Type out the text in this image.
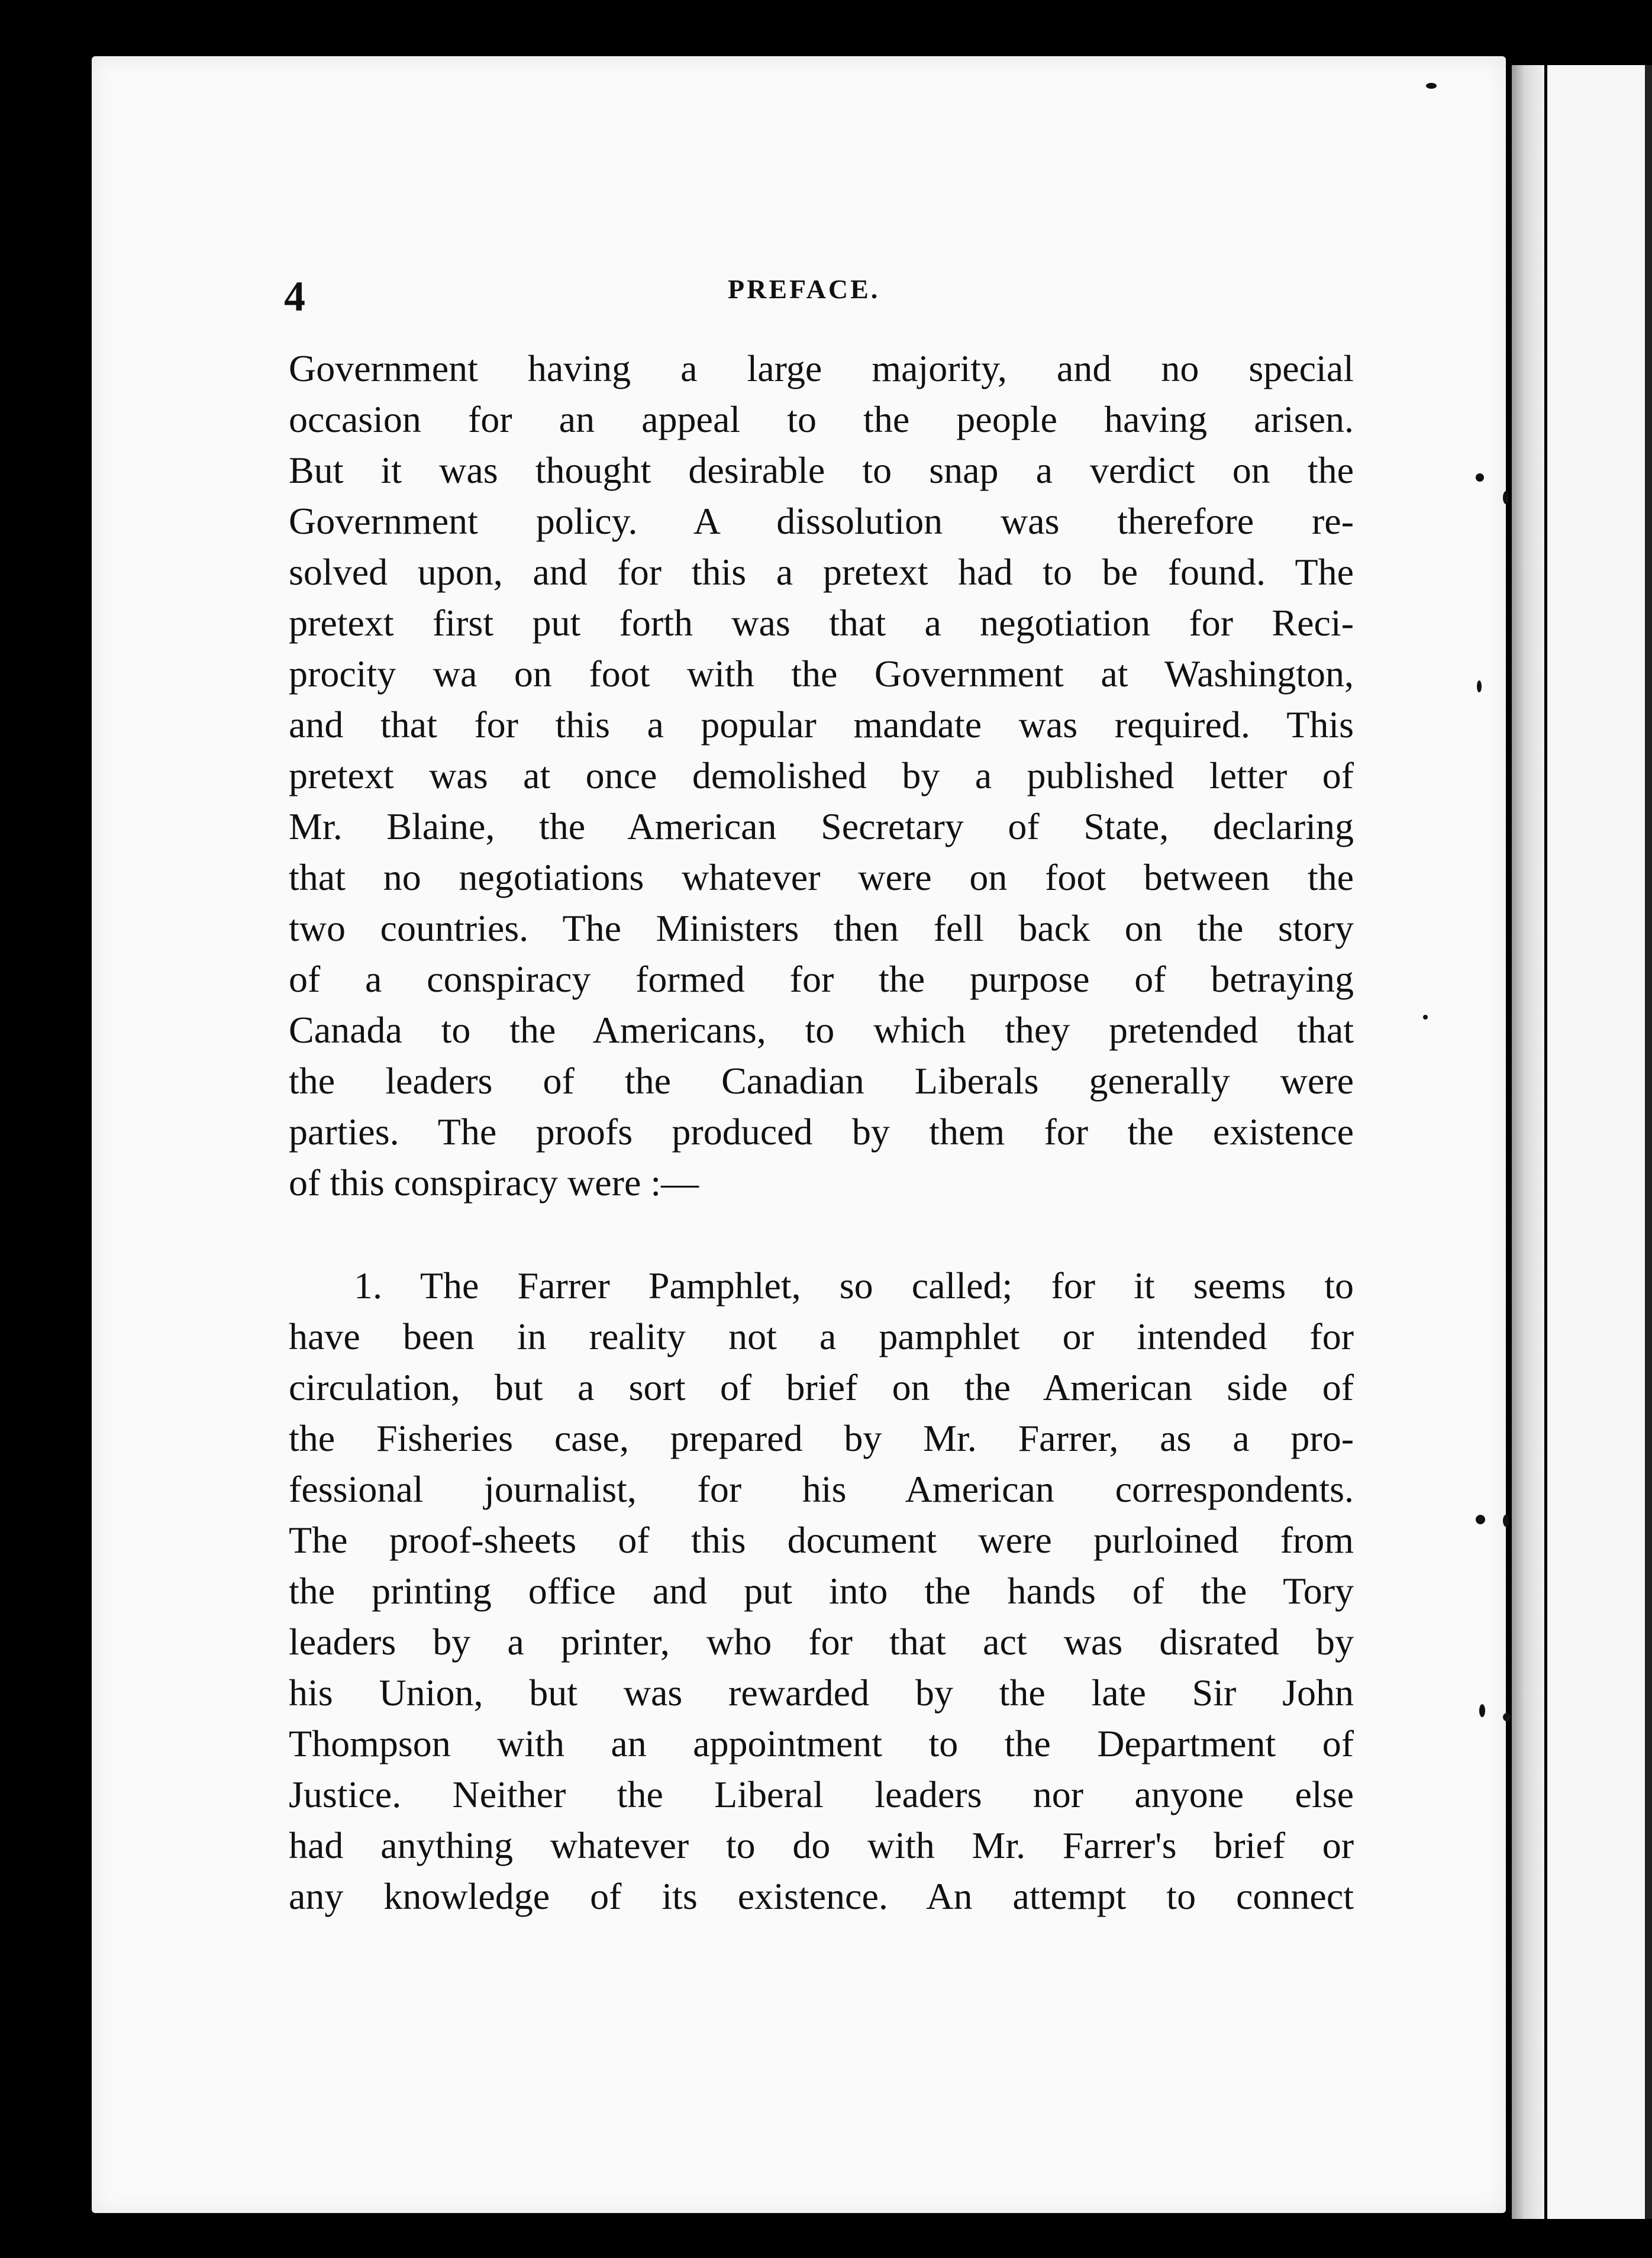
4	PREFACE.
Government having a large majority, and no special
occasion for an appeal to the people having arisen.
But it was thought desirable to snap a verdict on the
Government policy. A dissolution was therefore re-
solved upon, and for this a pretext had to be found. The
pretext first put forth was that a negotiation for Reci-
procity wa on foot with the Government at Washington,
and that for this a popular mandate was required. This
pretext was at once demolished by a published letter of
Mr. Blaine, the American Secretary of State, declaring
that no negotiations whatever were on foot between the
two countries. The Ministers then fell back on the story
of a conspiracy formed for the purpose of betraying
Canada to the Americans, to which they pretended that
the leaders of the Canadian Liberals generally were
parties. The proofs produced by them for the existence
of this conspiracy were :—
1. The Farrer Pamphlet, so called; for it seems to
have been in reality not a pamphlet or intended for
circulation, but a sort of brief on the American side of
the Fisheries case, prepared by Mr. Farrer, as a pro-
fessional journalist, for his American correspondents.
The proof-sheets of this document were purloined from
the printing office and put into the hands of the Tory
leaders by a printer, who for that act was disrated by
his Union, but was rewarded by the late Sir John
Thompson with an appointment to the Department of
Justice. Neither the Liberal leaders nor anyone else
had anything whatever to do with Mr. Farrer's brief or
any knowledge of its existence. An attempt to connect
